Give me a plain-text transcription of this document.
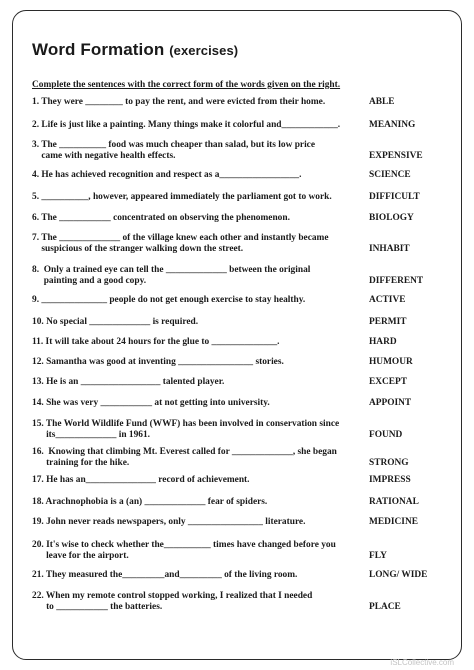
Word Formation (exercises)
Complete the sentences with the correct form of the words given on the right.
1. They were ________ to pay the rent, and were evicted from their home.	ABLE
2. Life is just like a painting. Many things make it colorful and____________.	MEANING
3. The __________ food was much cheaper than salad, but its low price
came with negative health effects.	EXPENSIVE
4. He has achieved recognition and respect as a_________________.	SCIENCE
5. __________, however, appeared immediately the parliament got to work.	DIFFICULT
6. The ___________ concentrated on observing the phenomenon.	BIOLOGY
7. The _____________ of the village knew each other and instantly became
suspicious of the stranger walking down the street.	INHABIT
8.  Only a trained eye can tell the _____________ between the original
painting and a good copy.	DIFFERENT
9. ______________ people do not get enough exercise to stay healthy.	ACTIVE
10. No special _____________ is required.	PERMIT
11. It will take about 24 hours for the glue to ______________.	HARD
12. Samantha was good at inventing ________________ stories.	HUMOUR
13. He is an _________________ talented player.	EXCEPT
14. She was very ___________ at not getting into university.	APPOINT
15. The World Wildlife Fund (WWF) has been involved in conservation since
its_____________ in 1961.	FOUND
16.  Knowing that climbing Mt. Everest called for _____________, she began
training for the hike.	STRONG
17. He has an_______________ record of achievement.	IMPRESS
18. Arachnophobia is a (an) _____________ fear of spiders.	RATIONAL
19. John never reads newspapers, only ________________ literature.	MEDICINE
20. It's wise to check whether the__________ times have changed before you
leave for the airport.	FLY
21. They measured the_________and_________ of the living room.	LONG/ WIDE
22. When my remote control stopped working, I realized that I needed
to ___________ the batteries.	PLACE
iSLCollective.com
